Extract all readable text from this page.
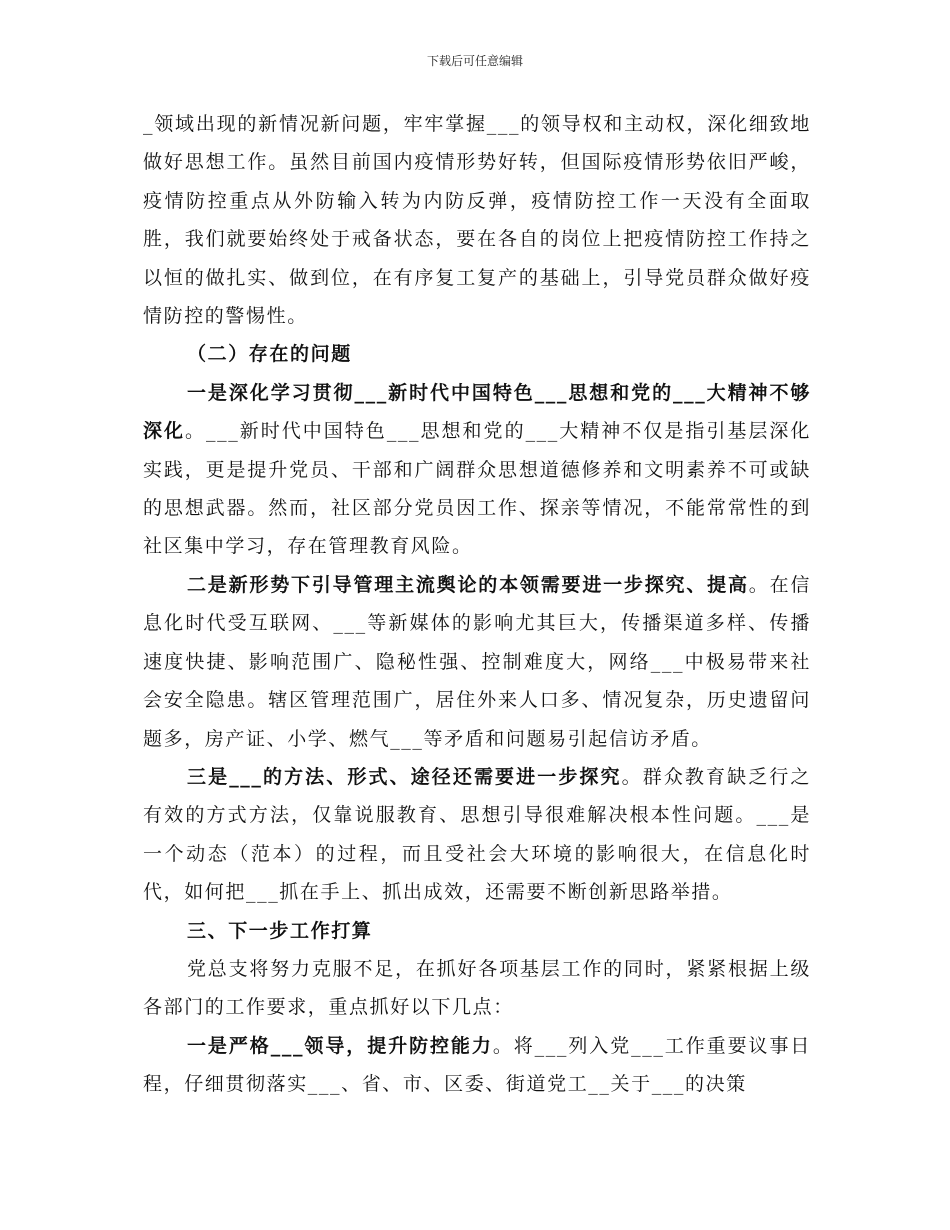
下载后可任意编辑

_领域出现的新情况新问题，牢牢掌握___的领导权和主动权，深化细致地做好思想工作。虽然目前国内疫情形势好转，但国际疫情形势依旧严峻，疫情防控重点从外防输入转为内防反弹，疫情防控工作一天没有全面取胜，我们就要始终处于戒备状态，要在各自的岗位上把疫情防控工作持之以恒的做扎实、做到位，在有序复工复产的基础上，引导党员群众做好疫情防控的警惕性。

（二）存在的问题

一是深化学习贯彻___新时代中国特色___思想和党的___大精神不够深化。___新时代中国特色___思想和党的___大精神不仅是指引基层深化实践，更是提升党员、干部和广阔群众思想道德修养和文明素养不可或缺的思想武器。然而，社区部分党员因工作、探亲等情况，不能常常性的到社区集中学习，存在管理教育风险。

二是新形势下引导管理主流舆论的本领需要进一步探究、提高。在信息化时代受互联网、___等新媒体的影响尤其巨大，传播渠道多样、传播速度快捷、影响范围广、隐秘性强、控制难度大，网络___中极易带来社会安全隐患。辖区管理范围广，居住外来人口多、情况复杂，历史遗留问题多，房产证、小学、燃气___等矛盾和问题易引起信访矛盾。

三是___的方法、形式、途径还需要进一步探究。群众教育缺乏行之有效的方式方法，仅靠说服教育、思想引导很难解决根本性问题。___是一个动态（范本）的过程，而且受社会大环境的影响很大，在信息化时代，如何把___抓在手上、抓出成效，还需要不断创新思路举措。

三、下一步工作打算

党总支将努力克服不足，在抓好各项基层工作的同时，紧紧根据上级各部门的工作要求，重点抓好以下几点：

一是严格___领导，提升防控能力。将___列入党___工作重要议事日程，仔细贯彻落实___、省、市、区委、街道党工__关于___的决策
